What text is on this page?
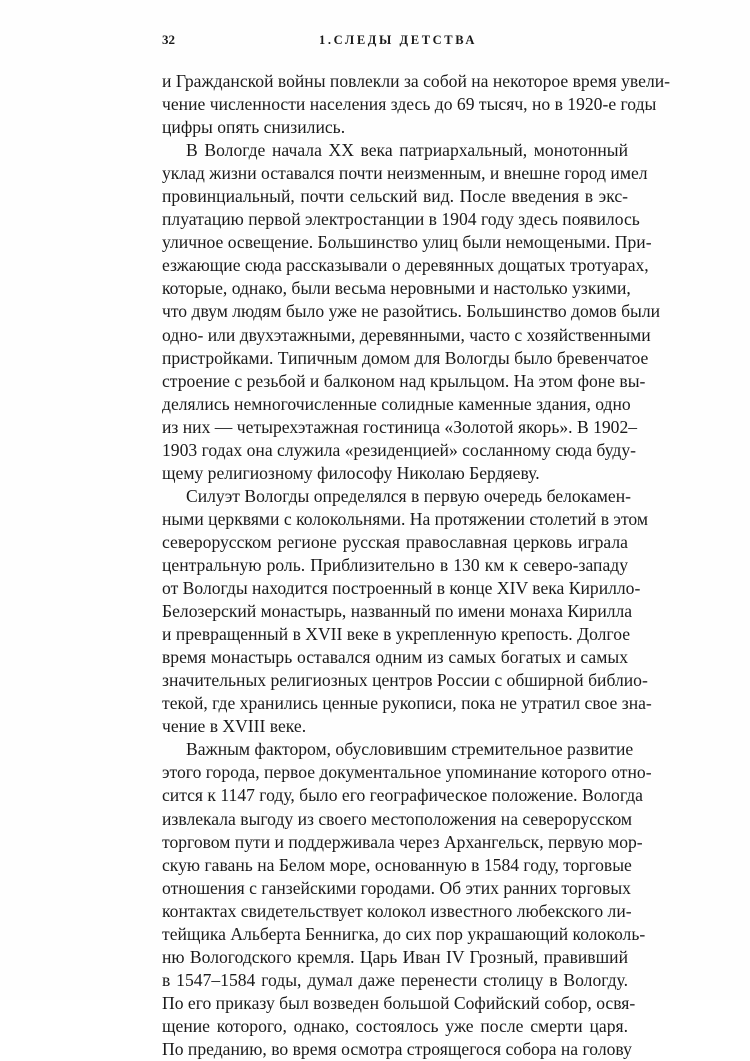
32	1.СЛЕДЫ ДЕТСТВА
и Гражданской войны повлекли за собой на некоторое время увели-
чение численности населения здесь до 69 тысяч, но в 1920-е годы
цифры опять снизились.
В Вологде начала XX века патриархальный, монотонный
уклад жизни оставался почти неизменным, и внешне город имел
провинциальный, почти сельский вид. После введения в экс-
плуатацию первой электростанции в 1904 году здесь появилось
уличное освещение. Большинство улиц были немощеными. При-
езжающие сюда рассказывали о деревянных дощатых тротуарах,
которые, однако, были весьма неровными и настолько узкими,
что двум людям было уже не разойтись. Большинство домов были
одно- или двухэтажными, деревянными, часто с хозяйственными
пристройками. Типичным домом для Вологды было бревенчатое
строение с резьбой и балконом над крыльцом. На этом фоне вы-
делялись немногочисленные солидные каменные здания, одно
из них — четырехэтажная гостиница «Золотой якорь». В 1902–
1903 годах она служила «резиденцией» сосланному сюда буду-
щему религиозному философу Николаю Бердяеву.
Силуэт Вологды определялся в первую очередь белокамен-
ными церквями с колокольнями. На протяжении столетий в этом
северорусском регионе русская православная церковь играла
центральную роль. Приблизительно в 130 км к северо-западу
от Вологды находится построенный в конце XIV века Кирилло-
Белозерский монастырь, названный по имени монаха Кирилла
и превращенный в XVII веке в укрепленную крепость. Долгое
время монастырь оставался одним из самых богатых и самых
значительных религиозных центров России с обширной библио-
текой, где хранились ценные рукописи, пока не утратил свое зна-
чение в XVIII веке.
Важным фактором, обусловившим стремительное развитие
этого города, первое документальное упоминание которого отно-
сится к 1147 году, было его географическое положение. Вологда
извлекала выгоду из своего местоположения на северорусском
торговом пути и поддерживала через Архангельск, первую мор-
скую гавань на Белом море, основанную в 1584 году, торговые
отношения с ганзейскими городами. Об этих ранних торговых
контактах свидетельствует колокол известного любекского ли-
тейщика Альберта Беннигка, до сих пор украшающий колоколь-
ню Вологодского кремля. Царь Иван IV Грозный, правивший
в 1547–1584 годы, думал даже перенести столицу в Вологду.
По его приказу был возведен большой Софийский собор, освя-
щение которого, однако, состоялось уже после смерти царя.
По преданию, во время осмотра строящегося собора на голову
